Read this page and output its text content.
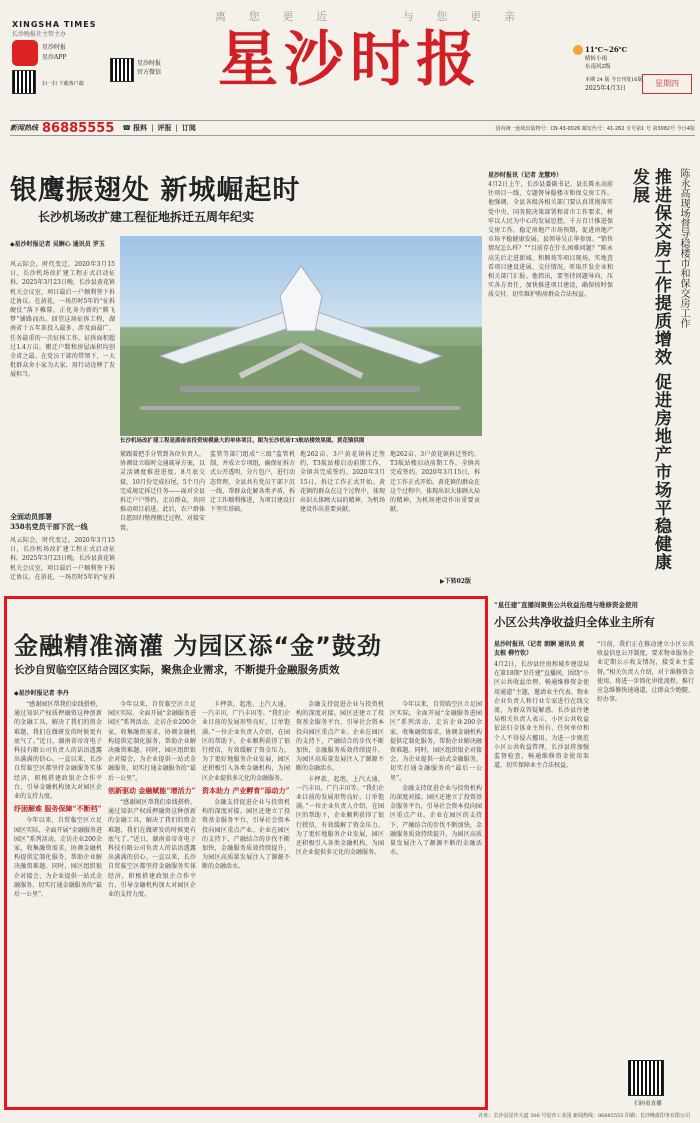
离 您 更 近	与 您 更 亲
XINGSHA TIMES
长沙晚报社主管主办
星沙时报
星沙APP
扫一扫 下载客户端
星沙时报
官方微信 星沙时报	11℃~26℃
晴转小雨
东南风2级
本期 24 版 今日刊发16版
2025年4月3日
星期四
新闻热线 86885555 ☎ 报料 | 评报 | 订阅	国内统一连续出版物号：CN 43-0026 邮发代号：41-262 专号第1 号 第3082号 今日4版
银鹰振翅处 新城崛起时
长沙机场改扩建工程征地拆迁五周年纪实
◆星沙时报记者 吴婀心 通讯员 罗玉
风云际会，时代变迁。2020年3月15日，长沙机场改扩建工程正式启动征拆。2025年3月23日晚，长沙县黄花镇机关会议室，项目最后一户顺利签下拆迁协议。在黄花，一场历时5年的“征拆硬仗”落下帷幕，正化身为新的“腾飞梦”铺路而出。回望这场征拆工程，湖南省十五年来投入最多、涉及面最广、任务最重的一次征拆工作。征拆面积超过1.4万亩，搬迁户数和房屋面积均创全省之最。在党员干部的带领下，一大批群众舍小家为大家，用行动诠释了发展担当。
全面动员部署
358名党员干部下沉一线
风云际会，时代变迁。2020年3月15日，长沙机场改扩建工程正式启动征拆。2025年3月23日晚，长沙县黄花镇机关会议室，项目最后一户顺利签下拆迁协议。在黄花，一场历时5年的“征拆
长沙机场改扩建工程是湖南省投资规模最大的单体项目。图为长沙机场T3航站楼效果图。黄花镇供图
紧跟着把手分管到各位负责人，协调设立临时交通疏导方案，以灵活调度推进进度。8月底交接，10月份完成扫尾，5个月内完成规定拆迁任务——面对全县拆迁户户签约，走访群众，共同推动项目前进。此后，农户群体自愿回归整理搬迁过程，对接安置。
监管等部门组成“三级”监管机制，并成立专项组，确保征拆方式公开透明，分片包户，进行动态管理，全县共有党员干部下沉一线，帮群众化解各类矛盾，拆迁工作顺利推进，为项目建设打下坚实基础。
地262亩、3户黄花镇拆迁签约，T3航站楼启动前期工作，全镇共完成签约。2020年3月15日，拆迁工作正式开始。黄花镇的群众在这个过程中，体现出识大体顾大局的精神，为机场建设作出重要贡献。
地262亩、3户黄花镇拆迁签约，T3航站楼启动前期工作，全镇共完成签约。2020年3月15日，拆迁工作正式开始。黄花镇的群众在这个过程中，体现出识大体顾大局的精神，为机场建设作出重要贡献。
▶下转02版
星沙时报讯（记者 龙慧玲）
4月2日上午，长沙县委副书记、县长陈永高前往项目一线，专题督导稳楼市和保交房工作。他强调，全县各级各相关部门要认真贯彻落实党中央、国务院决策部署和省市工作要求，树牢以人民为中心的发展思想，千方百计推进保交房工作，稳定房地产市场预期，促进房地产市场平稳健康发展。县领导吴正华参加。“销售情况怎么样？”“目前存在什么困难问题？”陈永高先后走进新城、和顺苑等项目现场，实地查看项目建设进展、交付情况，听取开发企业和相关部门汇报。他指出，要坚持问题导向，压实各方责任，加快推进项目建设，确保按时保质交付，切实维护购房群众合法权益。	推进保交房工作提质增效 促进房地产市场平稳健康发展	陈永高现场督导稳楼市和保交房工作
金融精准滴灌 为园区添“金”鼓劲
长沙自贸临空区结合园区实际，聚焦企业需求，不断提升金融服务质效
◆星沙时报记者 李丹

“感谢园区帮我们牵线搭桥，通过知识产权质押融资这种创新的金融工具，解决了我们的资金难题，我们在做研发的时候更有底气了。”近日，湖南省帝奇电子科技有限公司负责人的话语透露出满满的信心。一直以来，长沙自贸临空区都坚持金融服务实体经济，积极搭建政银企合作平台，引导金融机构加大对园区企业的支持力度。

纾困解难 服务保障“不断档”

今年以来，自贸临空区立足园区实际，全面开展“金融服务进园区”系列活动，走访企业200余家，收集融资需求，协调金融机构提供定制化服务，帮助企业解决融资难题。同时，园区组织银企对接会，为企业提供一站式金融服务，切实打通金融服务的“最后一公里”。

今年以来，自贸临空区立足园区实际，全面开展“金融服务进园区”系列活动，走访企业200余家，收集融资需求，协调金融机构提供定制化服务，帮助企业解决融资难题。同时，园区组织银企对接会，为企业提供一站式金融服务，切实打通金融服务的“最后一公里”。

创新驱动 金融赋能“增活力”

“感谢园区帮我们牵线搭桥，通过知识产权质押融资这种创新的金融工具，解决了我们的资金难题，我们在做研发的时候更有底气了。”近日，湖南省帝奇电子科技有限公司负责人的话语透露出满满的信心。一直以来，长沙自贸临空区都坚持金融服务实体经济，积极搭建政银企合作平台，引导金融机构加大对园区企业的支持力度。

卡押款，起泡，上汽大通，一汽丰田，广汽丰田等。“我们企业目前的发展形势良好，订单饱满。”一位企业负责人介绍，在园区的帮助下，企业顺利获得了银行授信，有效缓解了资金压力。为了更好地服务企业发展，园区还积极引入各类金融机构，为园区企业提供多元化的金融服务。

资本助力 产业孵育“添动力”

金融支持促进企业与投资机构的深度对接。园区还建立了投资基金服务平台，引导社会资本投向园区重点产业。企业在园区的支持下，产融结合的步伐不断加快，金融服务质效持续提升，为园区高质量发展注入了源源不断的金融活水。

金融支持促进企业与投资机构的深度对接。园区还建立了投资基金服务平台，引导社会资本投向园区重点产业。企业在园区的支持下，产融结合的步伐不断加快，金融服务质效持续提升，为园区高质量发展注入了源源不断的金融活水。

卡押款，起泡，上汽大通，一汽丰田，广汽丰田等。“我们企业目前的发展形势良好，订单饱满。”一位企业负责人介绍，在园区的帮助下，企业顺利获得了银行授信，有效缓解了资金压力。为了更好地服务企业发展，园区还积极引入各类金融机构，为园区企业提供多元化的金融服务。

今年以来，自贸临空区立足园区实际，全面开展“金融服务进园区”系列活动，走访企业200余家，收集融资需求，协调金融机构提供定制化服务，帮助企业解决融资难题。同时，园区组织银企对接会，为企业提供一站式金融服务，切实打通金融服务的“最后一公里”。

金融支持促进企业与投资机构的深度对接。园区还建立了投资基金服务平台，引导社会资本投向园区重点产业。企业在园区的支持下，产融结合的步伐不断加快，金融服务质效持续提升，为园区高质量发展注入了源源不断的金融活水。

“星任建”直播间聚焦公共收益治理与维修资金使用
小区公共净收益归全体业主所有
星沙时报讯（记者 朗婀 通讯员 黄友根 柳竹钦）
4月2日，长沙县住房和城乡建设局在第18期“星任建”直播间，围绕“小区公共收益治理、畅通维修资金使用通道”主题，邀请业主代表、物业企业负责人和行业专家进行在线交流，为群众答疑解惑。长沙县住建局相关负责人表示，小区公共收益依法归全体业主所有，任何单位和个人不得侵占挪用。为进一步规范小区公共收益管理，长沙县将加强监督检查，畅通维修资金使用渠道，切实保障业主合法权益。
“目前，我们正在推动建立小区公共收益信息公开制度，要求物业服务企业定期公示收支情况，接受业主监督。”相关负责人介绍，对于维修资金使用，将进一步简化审批流程，推行应急维修快速通道，让群众少跑腿、好办事。
扫码看直播
社址：长沙县星沙大道 306 号星沙工业园 新闻热线：86885555 印刷：长沙晚报印务有限公司
